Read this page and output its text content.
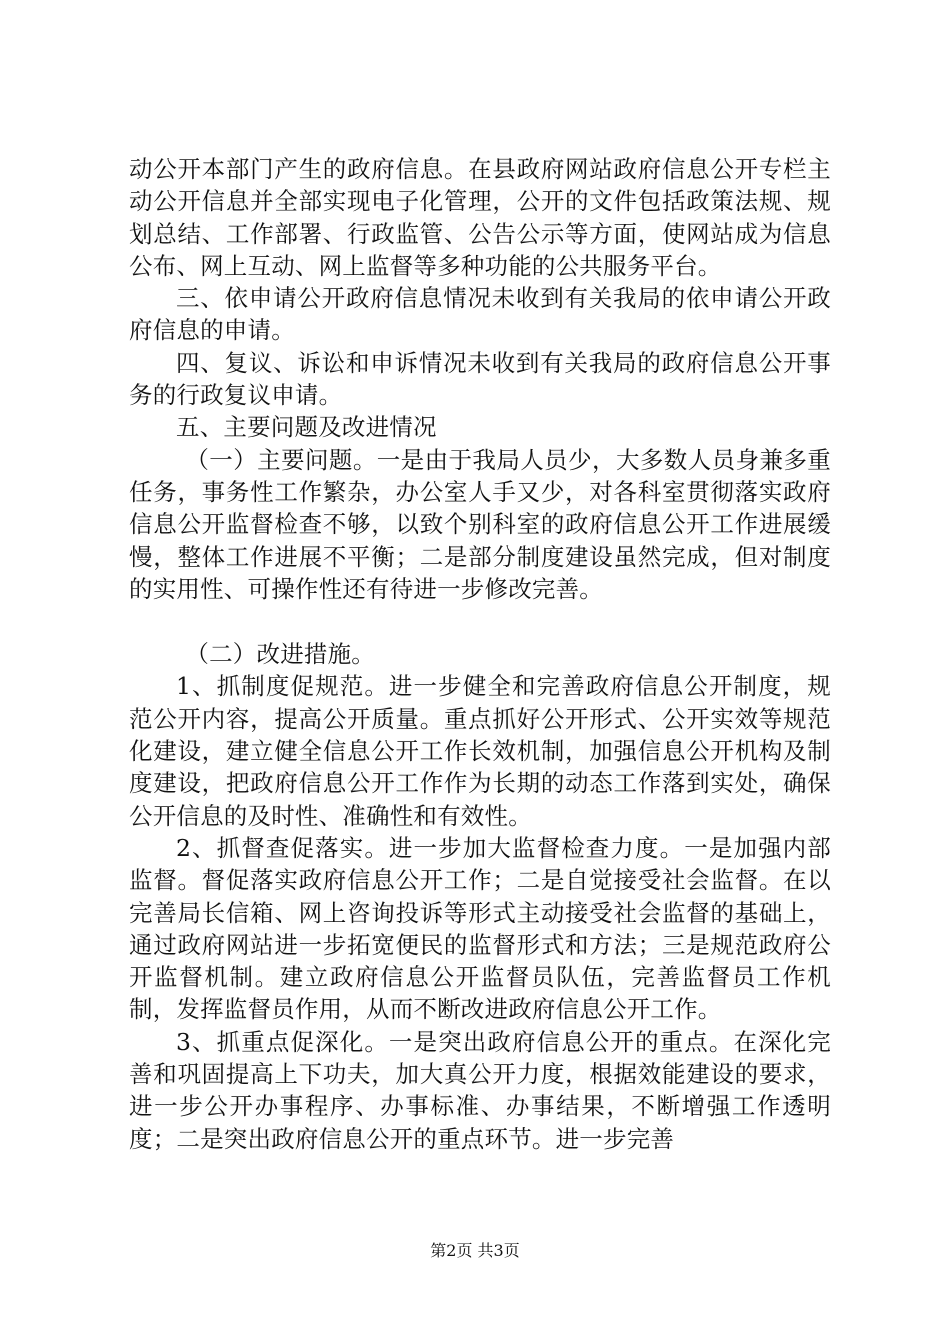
动公开本部门产生的政府信息。在县政府网站政府信息公开专栏主动公开信息并全部实现电子化管理，公开的文件包括政策法规、规划总结、工作部署、行政监管、公告公示等方面，使网站成为信息公布、网上互动、网上监督等多种功能的公共服务平台。

三、依申请公开政府信息情况未收到有关我局的依申请公开政府信息的申请。

四、复议、诉讼和申诉情况未收到有关我局的政府信息公开事务的行政复议申请。

五、主要问题及改进情况

（一）主要问题。一是由于我局人员少，大多数人员身兼多重任务，事务性工作繁杂，办公室人手又少，对各科室贯彻落实政府信息公开监督检查不够，以致个别科室的政府信息公开工作进展缓慢，整体工作进展不平衡；二是部分制度建设虽然完成，但对制度的实用性、可操作性还有待进一步修改完善。

（二）改进措施。

1、抓制度促规范。进一步健全和完善政府信息公开制度，规范公开内容，提高公开质量。重点抓好公开形式、公开实效等规范化建设，建立健全信息公开工作长效机制，加强信息公开机构及制度建设，把政府信息公开工作作为长期的动态工作落到实处，确保公开信息的及时性、准确性和有效性。

2、抓督查促落实。进一步加大监督检查力度。一是加强内部监督。督促落实政府信息公开工作；二是自觉接受社会监督。在以完善局长信箱、网上咨询投诉等形式主动接受社会监督的基础上，通过政府网站进一步拓宽便民的监督形式和方法；三是规范政府公开监督机制。建立政府信息公开监督员队伍，完善监督员工作机制，发挥监督员作用，从而不断改进政府信息公开工作。

3、抓重点促深化。一是突出政府信息公开的重点。在深化完善和巩固提高上下功夫，加大真公开力度，根据效能建设的要求，进一步公开办事程序、办事标准、办事结果，不断增强工作透明度；二是突出政府信息公开的重点环节。进一步完善

第2页 共3页
